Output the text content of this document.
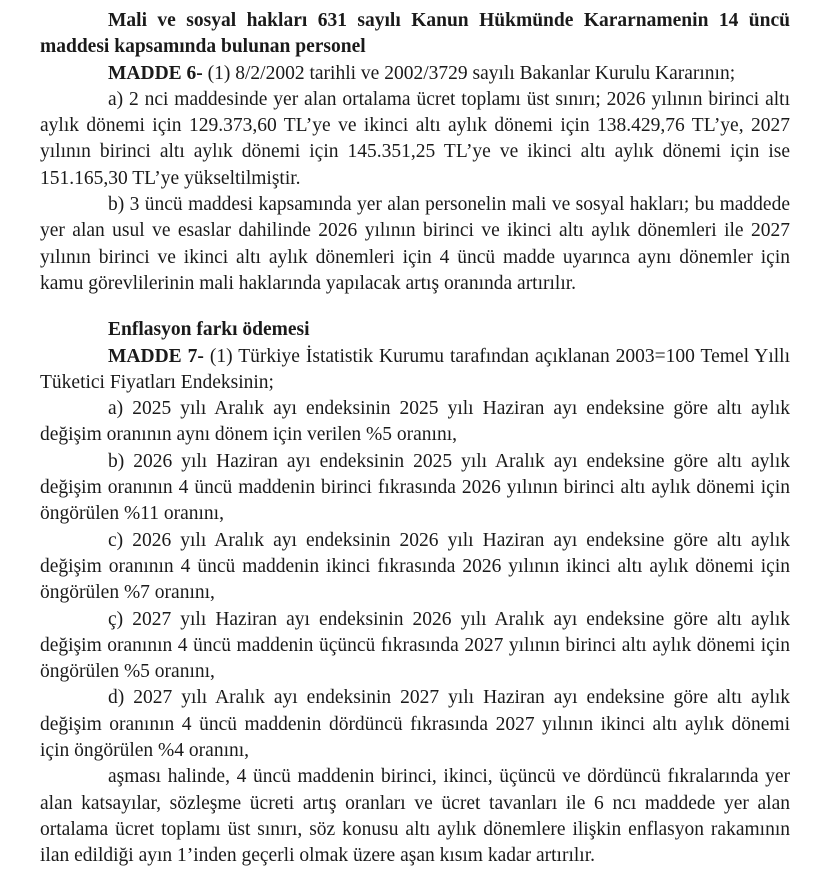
Mali ve sosyal hakları 631 sayılı Kanun Hükmünde Kararnamenin 14 üncü maddesi kapsamında bulunan personel

MADDE 6- (1) 8/2/2002 tarihli ve 2002/3729 sayılı Bakanlar Kurulu Kararının;

a) 2 nci maddesinde yer alan ortalama ücret toplamı üst sınırı; 2026 yılının birinci altı aylık dönemi için 129.373,60 TL’ye ve ikinci altı aylık dönemi için 138.429,76 TL’ye, 2027 yılının birinci altı aylık dönemi için 145.351,25 TL’ye ve ikinci altı aylık dönemi için ise 151.165,30 TL’ye yükseltilmiştir.

b) 3 üncü maddesi kapsamında yer alan personelin mali ve sosyal hakları; bu maddede yer alan usul ve esaslar dahilinde 2026 yılının birinci ve ikinci altı aylık dönemleri ile 2027 yılının birinci ve ikinci altı aylık dönemleri için 4 üncü madde uyarınca aynı dönemler için kamu görevlilerinin mali haklarında yapılacak artış oranında artırılır.

Enflasyon farkı ödemesi

MADDE 7- (1) Türkiye İstatistik Kurumu tarafından açıklanan 2003=100 Temel Yıllı Tüketici Fiyatları Endeksinin;

a) 2025 yılı Aralık ayı endeksinin 2025 yılı Haziran ayı endeksine göre altı aylık değişim oranının aynı dönem için verilen %5 oranını,

b) 2026 yılı Haziran ayı endeksinin 2025 yılı Aralık ayı endeksine göre altı aylık değişim oranının 4 üncü maddenin birinci fıkrasında 2026 yılının birinci altı aylık dönemi için öngörülen %11 oranını,

c) 2026 yılı Aralık ayı endeksinin 2026 yılı Haziran ayı endeksine göre altı aylık değişim oranının 4 üncü maddenin ikinci fıkrasında 2026 yılının ikinci altı aylık dönemi için öngörülen %7 oranını,

ç) 2027 yılı Haziran ayı endeksinin 2026 yılı Aralık ayı endeksine göre altı aylık değişim oranının 4 üncü maddenin üçüncü fıkrasında 2027 yılının birinci altı aylık dönemi için öngörülen %5 oranını,

d) 2027 yılı Aralık ayı endeksinin 2027 yılı Haziran ayı endeksine göre altı aylık değişim oranının 4 üncü maddenin dördüncü fıkrasında 2027 yılının ikinci altı aylık dönemi için öngörülen %4 oranını,

aşması halinde, 4 üncü maddenin birinci, ikinci, üçüncü ve dördüncü fıkralarında yer alan katsayılar, sözleşme ücreti artış oranları ve ücret tavanları ile 6 ncı maddede yer alan ortalama ücret toplamı üst sınırı, söz konusu altı aylık dönemlere ilişkin enflasyon rakamının ilan edildiği ayın 1’inden geçerli olmak üzere aşan kısım kadar artırılır.
